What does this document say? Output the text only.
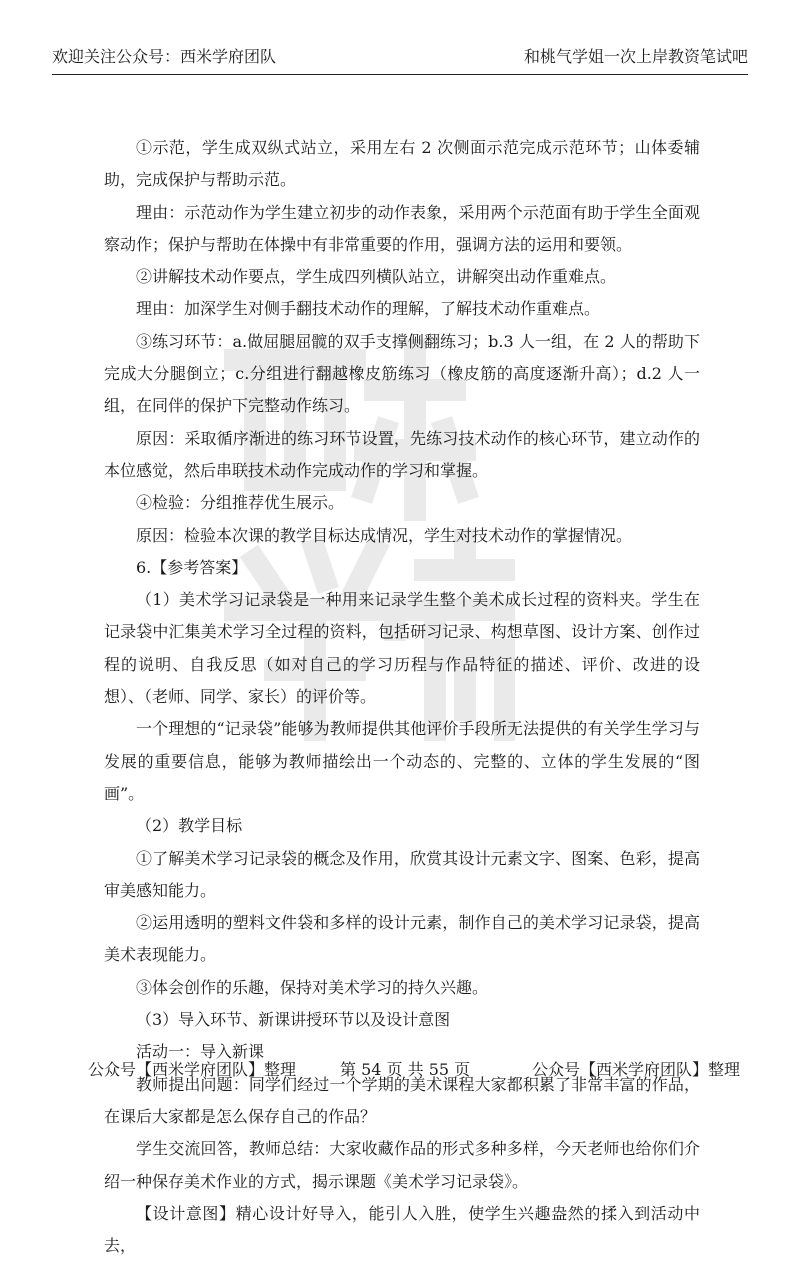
欢迎关注公众号：西米学府团队	和桃气学姐一次上岸教资笔试吧

①示范，学生成双纵式站立，采用左右 2 次侧面示范完成示范环节；山体委辅助，完成保护与帮助示范。

理由：示范动作为学生建立初步的动作表象，采用两个示范面有助于学生全面观察动作；保护与帮助在体操中有非常重要的作用，强调方法的运用和要领。

②讲解技术动作要点，学生成四列横队站立，讲解突出动作重难点。

理由：加深学生对侧手翻技术动作的理解，了解技术动作重难点。

③练习环节：a.做屈腿屈髋的双手支撑侧翻练习；b.3 人一组，在 2 人的帮助下完成大分腿倒立；c.分组进行翻越橡皮筋练习（橡皮筋的高度逐渐升高）；d.2 人一组，在同伴的保护下完整动作练习。

原因：采取循序渐进的练习环节设置，先练习技术动作的核心环节，建立动作的本位感觉，然后串联技术动作完成动作的学习和掌握。

④检验：分组推荐优生展示。

原因：检验本次课的教学目标达成情况，学生对技术动作的掌握情况。

6.【参考答案】

（1）美术学习记录袋是一种用来记录学生整个美术成长过程的资料夹。学生在记录袋中汇集美术学习全过程的资料，包括研习记录、构想草图、设计方案、创作过程的说明、自我反思（如对自己的学习历程与作品特征的描述、评价、改进的设想）、（老师、同学、家长）的评价等。

一个理想的“记录袋”能够为教师提供其他评价手段所无法提供的有关学生学习与发展的重要信息，能够为教师描绘出一个动态的、完整的、立体的学生发展的“图画”。

（2）教学目标

①了解美术学习记录袋的概念及作用，欣赏其设计元素文字、图案、色彩，提高审美感知能力。

②运用透明的塑料文件袋和多样的设计元素，制作自己的美术学习记录袋，提高美术表现能力。

③体会创作的乐趣，保持对美术学习的持久兴趣。

（3）导入环节、新课讲授环节以及设计意图

活动一：导入新课

教师提出问题：同学们经过一个学期的美术课程大家都积累了非常丰富的作品，在课后大家都是怎么保存自己的作品？

学生交流回答，教师总结：大家收藏作品的形式多种多样，今天老师也给你们介绍一种保存美术作业的方式，揭示课题《美术学习记录袋》。

【设计意图】精心设计好导入，能引人入胜，使学生兴趣盎然的揉入到活动中去，

公众号【西米学府团队】整理	第 54 页 共 55 页	公众号【西米学府团队】整理
